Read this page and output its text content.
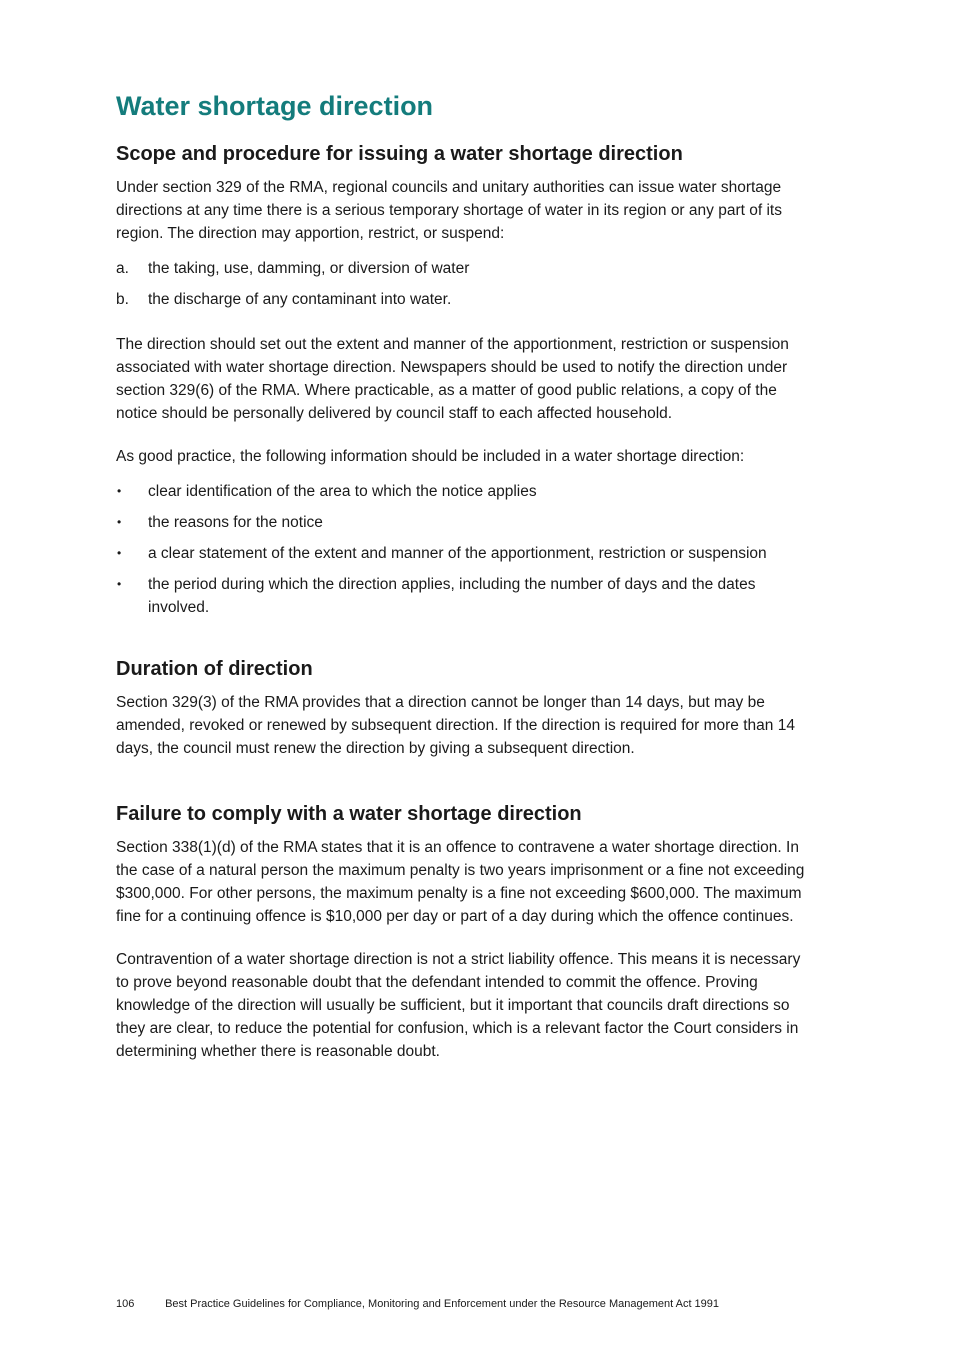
Water shortage direction
Scope and procedure for issuing a water shortage direction

Under section 329 of the RMA, regional councils and unitary authorities can issue water shortage directions at any time there is a serious temporary shortage of water in its region or any part of its region. The direction may apportion, restrict, or suspend:

a. the taking, use, damming, or diversion of water
b. the discharge of any contaminant into water.

The direction should set out the extent and manner of the apportionment, restriction or suspension associated with water shortage direction. Newspapers should be used to notify the direction under section 329(6) of the RMA. Where practicable, as a matter of good public relations, a copy of the notice should be personally delivered by council staff to each affected household.

As good practice, the following information should be included in a water shortage direction:

• clear identification of the area to which the notice applies
• the reasons for the notice
• a clear statement of the extent and manner of the apportionment, restriction or suspension
• the period during which the direction applies, including the number of days and the dates involved.
Duration of direction

Section 329(3) of the RMA provides that a direction cannot be longer than 14 days, but may be amended, revoked or renewed by subsequent direction. If the direction is required for more than 14 days, the council must renew the direction by giving a subsequent direction.

Failure to comply with a water shortage direction

Section 338(1)(d) of the RMA states that it is an offence to contravene a water shortage direction. In the case of a natural person the maximum penalty is two years imprisonment or a fine not exceeding $300,000. For other persons, the maximum penalty is a fine not exceeding $600,000. The maximum fine for a continuing offence is $10,000 per day or part of a day during which the offence continues.

Contravention of a water shortage direction is not a strict liability offence. This means it is necessary to prove beyond reasonable doubt that the defendant intended to commit the offence. Proving knowledge of the direction will usually be sufficient, but it important that councils draft directions so they are clear, to reduce the potential for confusion, which is a relevant factor the Court considers in determining whether there is reasonable doubt.

106	Best Practice Guidelines for Compliance, Monitoring and Enforcement under the Resource Management Act 1991
